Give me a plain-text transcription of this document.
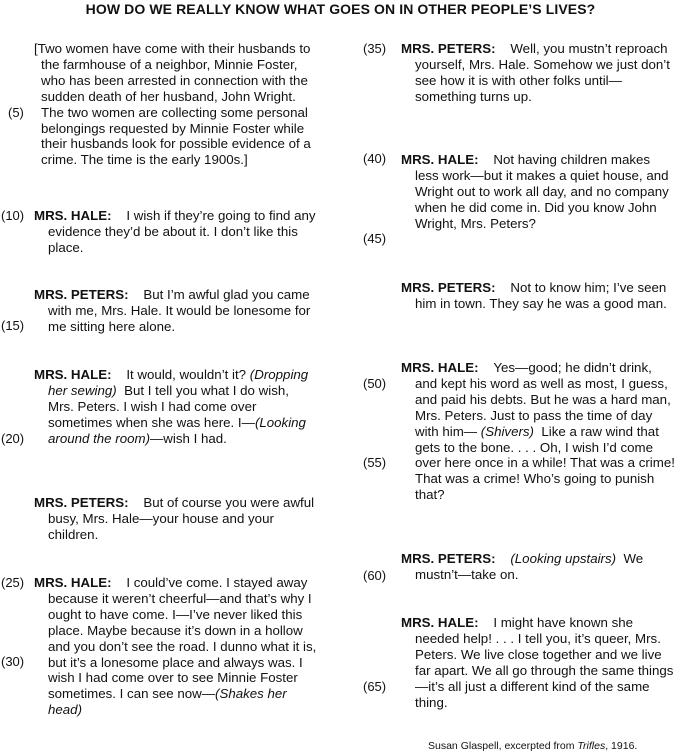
HOW DO WE REALLY KNOW WHAT GOES ON IN OTHER PEOPLE’S LIVES?
(5)
(10)
(15)
(20)
(25)
(30)
(35)
(40)
(45)
(50)
(55)
(60)
(65)

[Two women have come with their husbands to the farmhouse of a neighbor, Minnie Foster, who has been arrested in connection with the sudden death of her husband, John Wright. The two women are collecting some personal belongings requested by Minnie Foster while their husbands look for possible evidence of a crime. The time is the early 1900s.]

MRS. HALE: I wish if they’re going to find any evidence they’d be about it. I don’t like this place.

MRS. PETERS: But I’m awful glad you came with me, Mrs. Hale. It would be lonesome for me sitting here alone.

MRS. HALE: It would, wouldn’t it? (Dropping her sewing) But I tell you what I do wish, Mrs. Peters. I wish I had come over sometimes when she was here. I—(Looking around the room)—wish I had.

MRS. PETERS: But of course you were awful busy, Mrs. Hale—your house and your children.

MRS. HALE: I could’ve come. I stayed away because it weren’t cheerful—and that’s why I ought to have come. I—I’ve never liked this place. Maybe because it’s down in a hollow and you don’t see the road. I dunno what it is, but it’s a lonesome place and always was. I wish I had come over to see Minnie Foster sometimes. I can see now—(Shakes her head)

MRS. PETERS: Well, you mustn’t reproach yourself, Mrs. Hale. Somehow we just don’t see how it is with other folks until—something turns up.

MRS. HALE: Not having children makes less work—but it makes a quiet house, and Wright out to work all day, and no company when he did come in. Did you know John Wright, Mrs. Peters?

MRS. PETERS: Not to know him; I’ve seen him in town. They say he was a good man.

MRS. HALE: Yes—good; he didn’t drink, and kept his word as well as most, I guess, and paid his debts. But he was a hard man, Mrs. Peters. Just to pass the time of day with him— (Shivers) Like a raw wind that gets to the bone. . . . Oh, I wish I’d come over here once in a while! That was a crime! That was a crime! Who’s going to punish that?

MRS. PETERS: (Looking upstairs) We mustn’t—take on.

MRS. HALE: I might have known she needed help! . . . I tell you, it’s queer, Mrs. Peters. We live close together and we live far apart. We all go through the same things—it’s all just a different kind of the same thing.

Susan Glaspell, excerpted from Trifles, 1916.
